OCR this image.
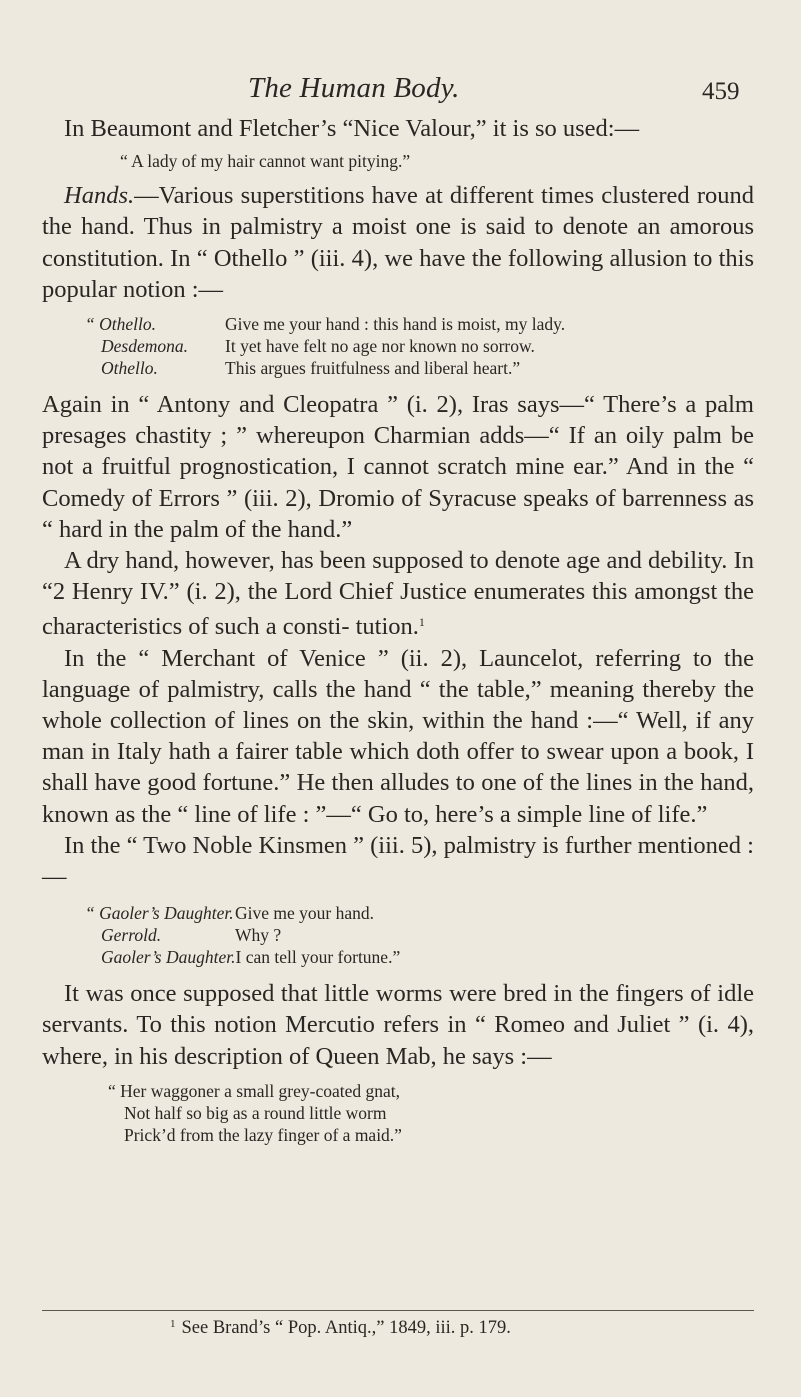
The Human Body.	459

In Beaumont and Fletcher’s “Nice Valour,” it is so used:—

“ A lady of my hair cannot want pitying.”

Hands.—Various superstitions have at different times clustered round the hand. Thus in palmistry a moist one is said to denote an amorous constitution. In “ Othello ” (iii. 4), we have the following allusion to this popular notion :—

“ Othello.	Give me your hand : this hand is moist, my lady.
Desdemona.	It yet have felt no age nor known no sorrow.
Othello.	This argues fruitfulness and liberal heart.”

Again in “ Antony and Cleopatra ” (i. 2), Iras says—“ There’s a palm presages chastity ; ” whereupon Charmian adds—“ If an oily palm be not a fruitful prognostication, I cannot scratch mine ear.” And in the “ Comedy of Errors ” (iii. 2), Dromio of Syracuse speaks of barrenness as “ hard in the palm of the hand.”

A dry hand, however, has been supposed to denote age and debility. In “2 Henry IV.” (i. 2), the Lord Chief Justice enumerates this amongst the characteristics of such a consti- tution.$^1$

In the “ Merchant of Venice ” (ii. 2), Launcelot, referring to the language of palmistry, calls the hand “ the table,” meaning thereby the whole collection of lines on the skin, within the hand :—“ Well, if any man in Italy hath a fairer table which doth offer to swear upon a book, I shall have good fortune.” He then alludes to one of the lines in the hand, known as the “ line of life : ”—“ Go to, here’s a simple line of life.”

In the “ Two Noble Kinsmen ” (iii. 5), palmistry is further mentioned :—

“ Gaoler’s Daughter. Give me your hand.
Gerrold.	Why ?
Gaoler’s Daughter. I can tell your fortune.”

It was once supposed that little worms were bred in the fingers of idle servants. To this notion Mercutio refers in “ Romeo and Juliet ” (i. 4), where, in his description of Queen Mab, he says :—

“ Her waggoner a small grey-coated gnat,
Not half so big as a round little worm
Prick’d from the lazy finger of a maid.”
$^1$ See Brand’s “ Pop. Antiq.,” 1849, iii. p. 179.
